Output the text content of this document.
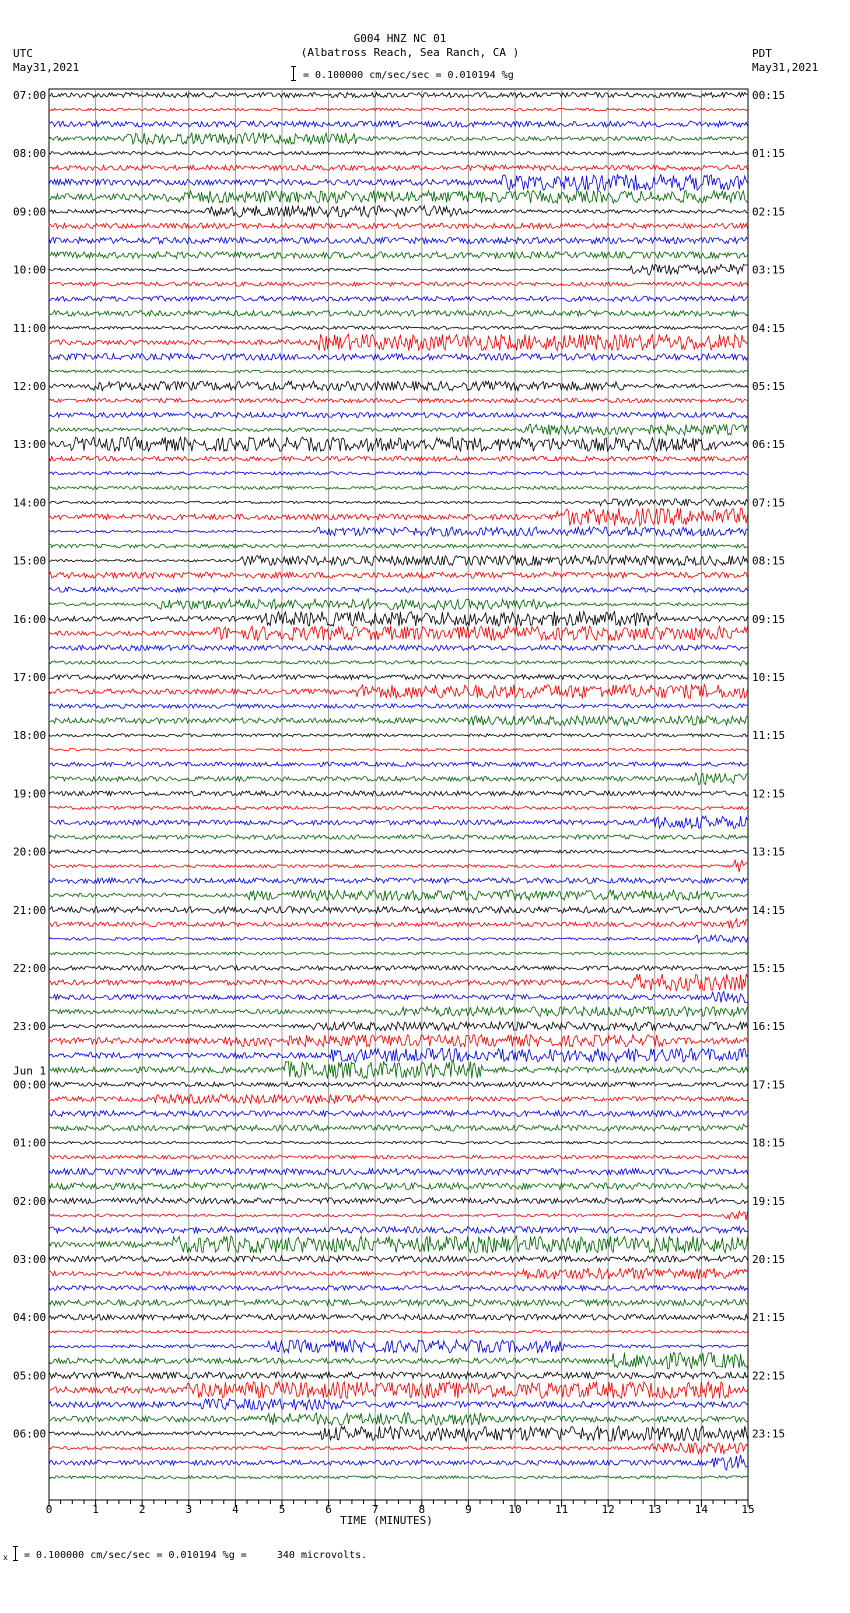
G004 HNZ NC 01
(Albatross Reach, Sea Ranch, CA )
= 0.100000 cm/sec/sec = 0.010194 %g
UTC
May31,2021
PDT
May31,2021
07:00
08:00
09:00
10:00
11:00
12:00
13:00
14:00
15:00
16:00
17:00
18:00
19:00
20:00
21:00
22:00
23:00
00:00
01:00
02:00
03:00
04:00
05:00
06:00
Jun 1
00:15
01:15
02:15
03:15
04:15
05:15
06:15
07:15
08:15
09:15
10:15
11:15
12:15
13:15
14:15
15:15
16:15
17:15
18:15
19:15
20:15
21:15
22:15
23:15
0	1	2	3	4	5	6	7	8	9	10	11	12	13	14	15
TIME (MINUTES)
x = 0.100000 cm/sec/sec = 0.010194 %g =     340 microvolts.
